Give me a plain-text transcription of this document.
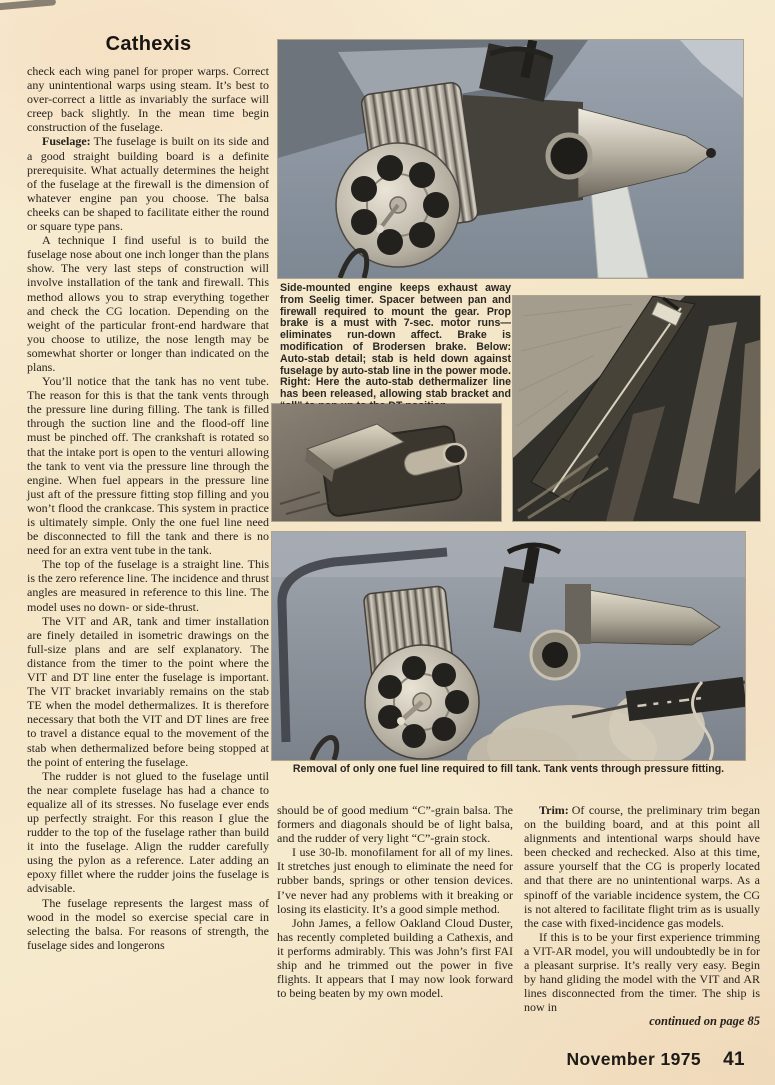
Cathexis

check each wing panel for proper warps. Correct any unintentional warps using steam. It’s best to over-correct a little as invariably the surface will creep back slightly. In the mean time begin construction of the fuselage.

Fuselage: The fuselage is built on its side and a good straight building board is a definite prerequisite. What actually determines the height of the fuselage at the firewall is the dimension of whatever engine pan you choose. The balsa cheeks can be shaped to facilitate either the round or square type pans.

A technique I find useful is to build the fuselage nose about one inch longer than the plans show. The very last steps of construction will involve installation of the tank and firewall. This method allows you to strap everything together and check the CG location. Depending on the weight of the particular front-end hardware that you choose to utilize, the nose length may be somewhat shorter or longer than indicated on the plans.

You’ll notice that the tank has no vent tube. The reason for this is that the tank vents through the pressure line during filling. The tank is filled through the suction line and the flood-off line must be pinched off. The crankshaft is rotated so that the intake port is open to the venturi allowing the tank to vent via the pressure line through the engine. When fuel appears in the pressure line just aft of the pressure fitting stop filling and you won’t flood the crankcase. This system in practice is ultimately simple. Only the one fuel line need be disconnected to fill the tank and there is no need for an extra vent tube in the tank.

The top of the fuselage is a straight line. This is the zero reference line. The incidence and thrust angles are measured in reference to this line. The model uses no down- or side-thrust.

The VIT and AR, tank and timer installation are finely detailed in isometric drawings on the full-size plans and are self explanatory. The distance from the timer to the point where the VIT and DT line enter the fuselage is important. The VIT bracket invariably remains on the stab TE when the model dethermalizes. It is therefore necessary that both the VIT and DT lines are free to travel a distance equal to the movement of the stab when dethermalized before being stopped at the point of entering the fuselage.

The rudder is not glued to the fuselage until the near complete fuselage has had a chance to equalize all of its stresses. No fuselage ever ends up perfectly straight. For this reason I glue the rudder to the top of the fuselage rather than build it into the fuselage. Align the rudder carefully using the pylon as a reference. Later adding an epoxy fillet where the rudder joins the fuselage is advisable.

The fuselage represents the largest mass of wood in the model so exercise special care in selecting the balsa. For reasons of strength, the fuselage sides and longerons

Side-mounted engine keeps exhaust away from Seelig timer. Spacer between pan and firewall required to mount the gear. Prop brake is a must with 7-sec. motor runs—eliminates run-down affect. Brake is modification of Brodersen brake. Below: Auto-stab detail; stab is held down against fuselage by auto-stab line in the power mode. Right: Here the auto-stab dethermalizer line has been released, allowing stab bracket and
Removal of only one fuel line required to fill tank. Tank vents through pressure fitting.

should be of good medium “C”-grain balsa. The formers and diagonals should be of light balsa, and the rudder of very light “C”-grain stock.

I use 30-lb. monofilament for all of my lines. It stretches just enough to eliminate the need for rubber bands, springs or other tension devices. I’ve never had any problems with it breaking or losing its elasticity. It’s a good simple method.

John James, a fellow Oakland Cloud Duster, has recently completed building a Cathexis, and it performs admirably. This was John’s first FAI ship and he trimmed out the power in five flights. It appears that I may now look forward to being beaten by my own model.

Trim: Of course, the preliminary trim began on the building board, and at this point all alignments and intentional warps should have been checked and rechecked. Also at this time, assure yourself that the CG is properly located and that there are no unintentional warps. As a spinoff of the variable incidence system, the CG is not altered to facilitate flight trim as is usually the case with fixed-incidence gas models.

If this is to be your first experience trimming a VIT-AR model, you will undoubtedly be in for a pleasant surprise. It’s really very easy. Begin by hand gliding the model with the VIT and AR lines disconnected from the timer. The ship is now in

continued on page 85

November 1975 41
